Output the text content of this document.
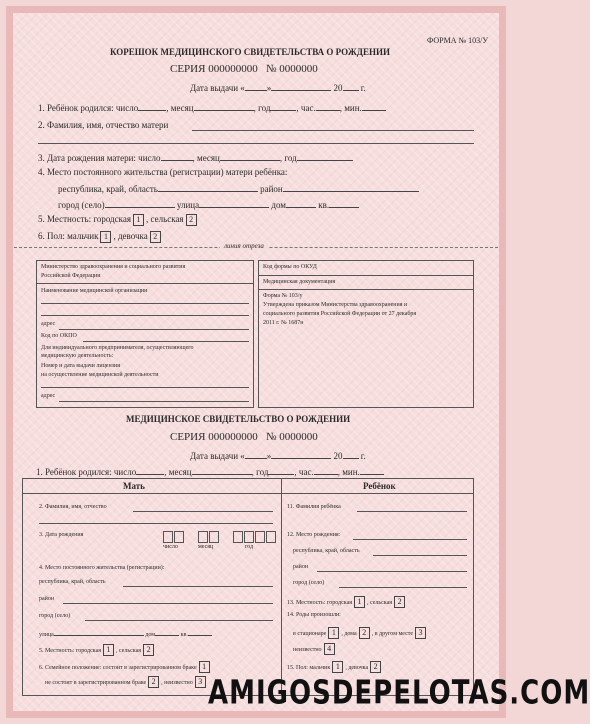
ФОРМА № 103/У
КОРЕШОК МЕДИЦИНСКОГО СВИДЕТЕЛЬСТВА О РОЖДЕНИИ
СЕРИЯ 000000000 № 0000000
Дата выдачи « »	20 г.
1. Ребёнок родился: число	, месяц	, год	, час.	, мин.
2. Фамилия, имя, отчество матери
3. Дата рождения матери: число	, месяц	, год
4. Место постоянного жительства (регистрации) матери ребёнка:
республика, край, область	район
город (село)	улица	дом	кв.
5. Местность: городская 1 , сельская 2
6. Пол: мальчик 1 , девочка 2
линия отреза
Министерство здравоохранения и социального развития
Российской Федерации
Наименование медицинской организации
адрес
Код по ОКПО
Для индивидуального предпринимателя, осуществляющего
медицинскую деятельность:
Номер и дата выдачи лицензии
на осуществление медицинской деятельности
адрес
Код формы по ОКУД
Медицинская документация
Форма № 103/у
Утверждена приказом Министерства здравоохранения и
социального развития Российской Федерации от 27 декабря
2011 г. № 1687н
МЕДИЦИНСКОЕ СВИДЕТЕЛЬСТВО О РОЖДЕНИИ
СЕРИЯ 000000000 № 0000000
Дата выдачи « »	20 г.
1. Ребёнок родился: число	, месяц	, год	, час.	, мин.
Мать	Ребёнок
2. Фамилия, имя, отчество
3. Дата рождения
число	месяц	год
4. Место постоянного жительства (регистрации):
республика, край, область
район
город (село)
улица	дом	кв.
5. Местность: городская 1 , сельская 2
6. Семейное положение: состоит в зарегистрированном браке 1
не состоит в зарегистрированном браке 2 , неизвестно 3
11. Фамилия ребёнка
12. Место рождения:
республика, край, область
район
город (село)
13. Местность: городская 1 , сельская 2
14. Роды произошли:
в стационаре 1 , дома 2 , в другом месте 3
неизвестно 4
15. Пол: мальчик 1 , девочка 2
AMIGOSDEPELOTAS.COM
